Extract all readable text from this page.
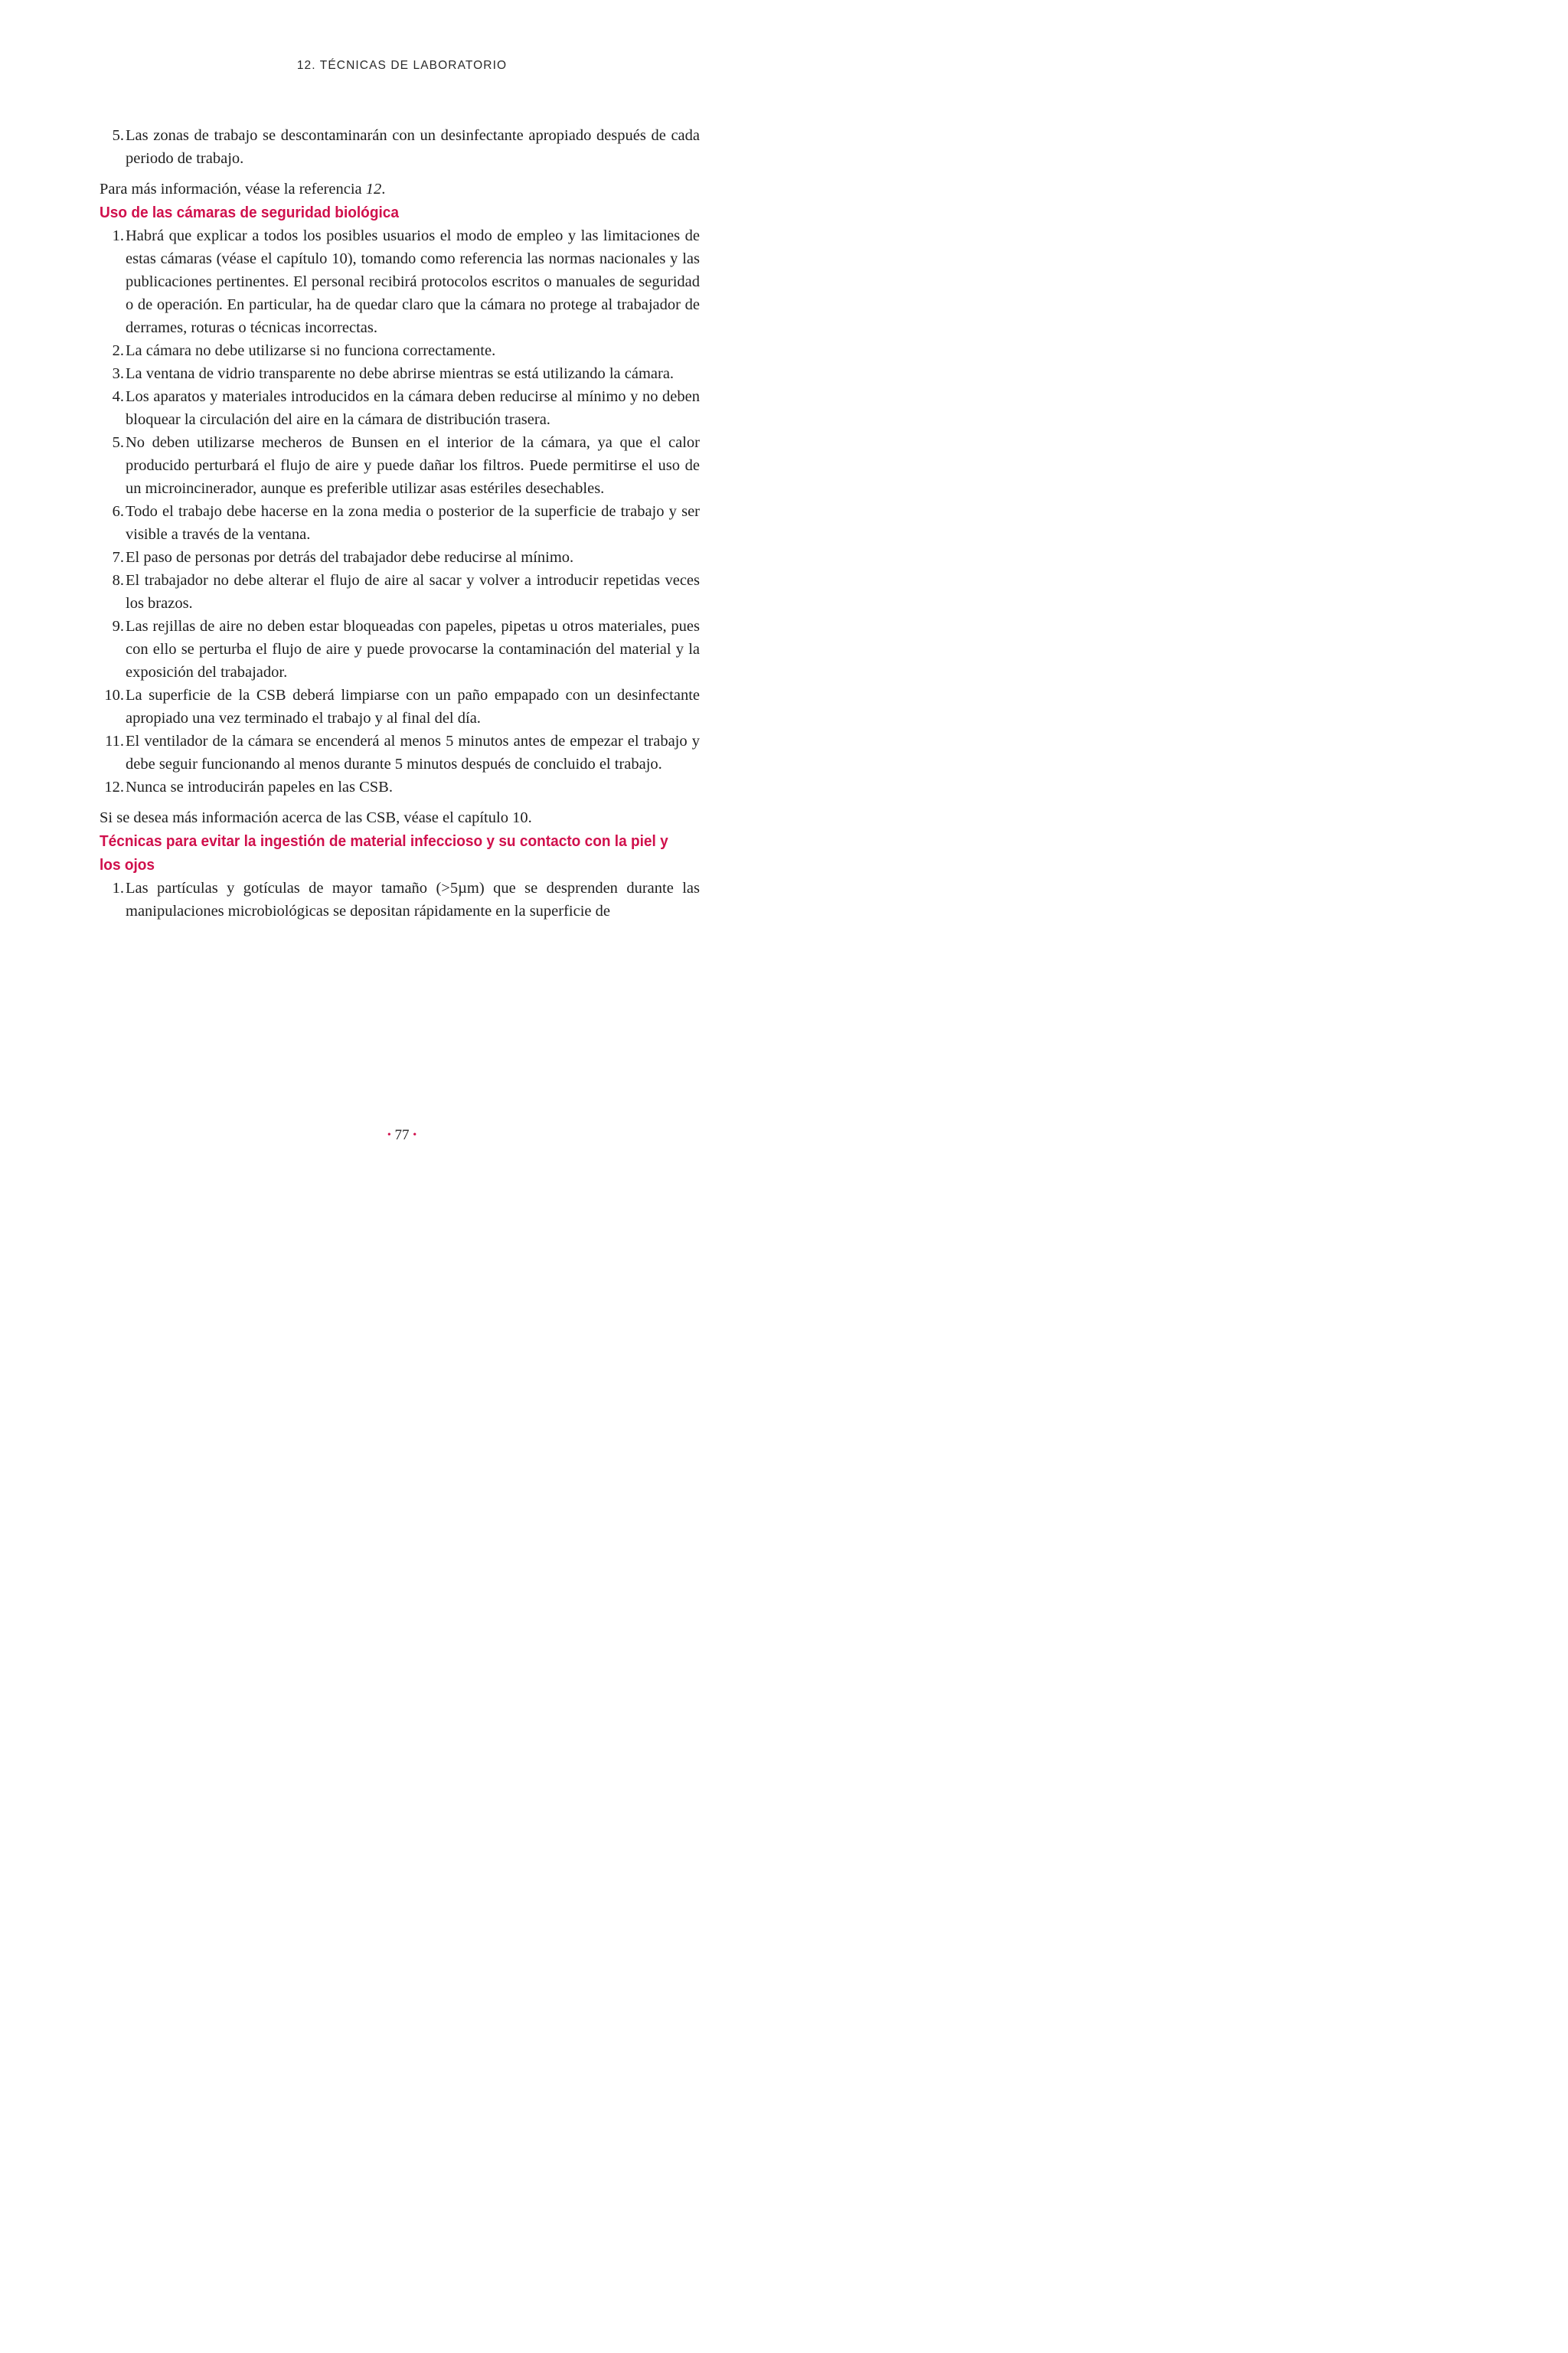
12. TÉCNICAS DE LABORATORIO
5. Las zonas de trabajo se descontaminarán con un desinfectante apropiado después de cada periodo de trabajo.

Para más información, véase la referencia 12.

Uso de las cámaras de seguridad biológica
1. Habrá que explicar a todos los posibles usuarios el modo de empleo y las limitaciones de estas cámaras (véase el capítulo 10), tomando como referencia las normas nacionales y las publicaciones pertinentes. El personal recibirá protocolos escritos o manuales de seguridad o de operación. En particular, ha de quedar claro que la cámara no protege al trabajador de derrames, roturas o técnicas incorrectas.
2. La cámara no debe utilizarse si no funciona correctamente.
3. La ventana de vidrio transparente no debe abrirse mientras se está utilizando la cámara.
4. Los aparatos y materiales introducidos en la cámara deben reducirse al mínimo y no deben bloquear la circulación del aire en la cámara de distribución trasera.
5. No deben utilizarse mecheros de Bunsen en el interior de la cámara, ya que el calor producido perturbará el flujo de aire y puede dañar los filtros. Puede permitirse el uso de un microincinerador, aunque es preferible utilizar asas estériles desechables.
6. Todo el trabajo debe hacerse en la zona media o posterior de la superficie de trabajo y ser visible a través de la ventana.
7. El paso de personas por detrás del trabajador debe reducirse al mínimo.
8. El trabajador no debe alterar el flujo de aire al sacar y volver a introducir repetidas veces los brazos.
9. Las rejillas de aire no deben estar bloqueadas con papeles, pipetas u otros materiales, pues con ello se perturba el flujo de aire y puede provocarse la contaminación del material y la exposición del trabajador.
10. La superficie de la CSB deberá limpiarse con un paño empapado con un desinfectante apropiado una vez terminado el trabajo y al final del día.
11. El ventilador de la cámara se encenderá al menos 5 minutos antes de empezar el trabajo y debe seguir funcionando al menos durante 5 minutos después de concluido el trabajo.
12. Nunca se introducirán papeles en las CSB.

Si se desea más información acerca de las CSB, véase el capítulo 10.

Técnicas para evitar la ingestión de material infeccioso y su contacto con la piel y los ojos
1. Las partículas y gotículas de mayor tamaño (>5µm) que se desprenden durante las manipulaciones microbiológicas se depositan rápidamente en la superficie de
• 77 •
